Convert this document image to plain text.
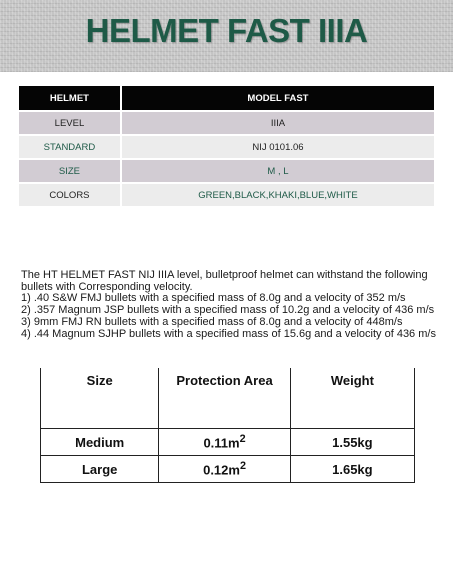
HELMET FAST IIIA
HELMET	MODEL FAST
LEVEL	IIIA
STANDARD	NIJ 0101.06
SIZE	M , L
COLORS	GREEN,BLACK,KHAKI,BLUE,WHITE
The HT HELMET FAST NIJ IIIA level, bulletproof helmet can withstand the following bullets with Corresponding velocity.
1) .40 S&W FMJ bullets with a specified mass of 8.0g and a velocity of 352 m/s
2) .357 Magnum JSP bullets with a specified mass of 10.2g and a velocity of 436 m/s
3) 9mm FMJ RN bullets with a specified mass of 8.0g and a velocity of 448m/s
4) .44 Magnum SJHP bullets with a specified mass of 15.6g and a velocity of 436 m/s
Size	Protection Area	Weight
Medium	$0.11m^2$	1.55kg
Large	$0.12m^2$	1.65kg
